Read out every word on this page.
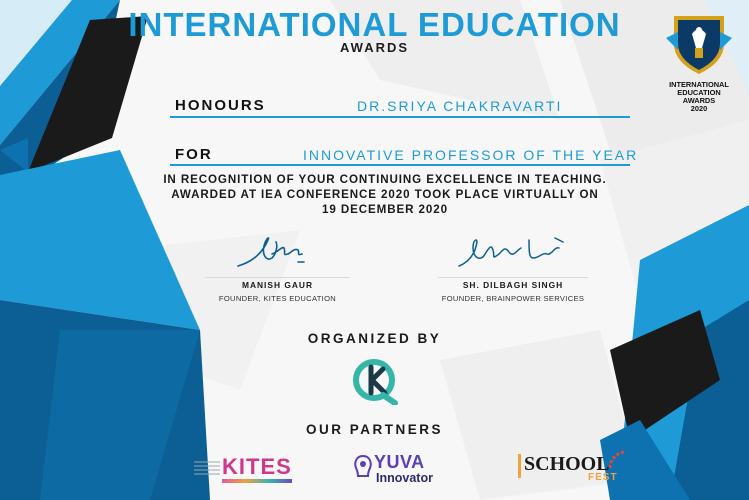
INTERNATIONAL EDUCATION
AWARDS
INTERNATIONAL EDUCATION
AWARDS
2020
HONOURS	DR.SRIYA CHAKRAVARTI
FOR	INNOVATIVE PROFESSOR OF THE YEAR
IN RECOGNITION OF YOUR CONTINUING EXCELLENCE IN TEACHING.
AWARDED AT IEA CONFERENCE 2020 TOOK PLACE VIRTUALLY ON
19 DECEMBER 2020
MANISH GAUR
FOUNDER, KITES EDUCATION
SH. DILBAGH SINGH
FOUNDER, BRAINPOWER SERVICES
ORGANIZED BY
OUR PARTNERS
KITES	YUVA
Innovator
SCHOOL
FEST
